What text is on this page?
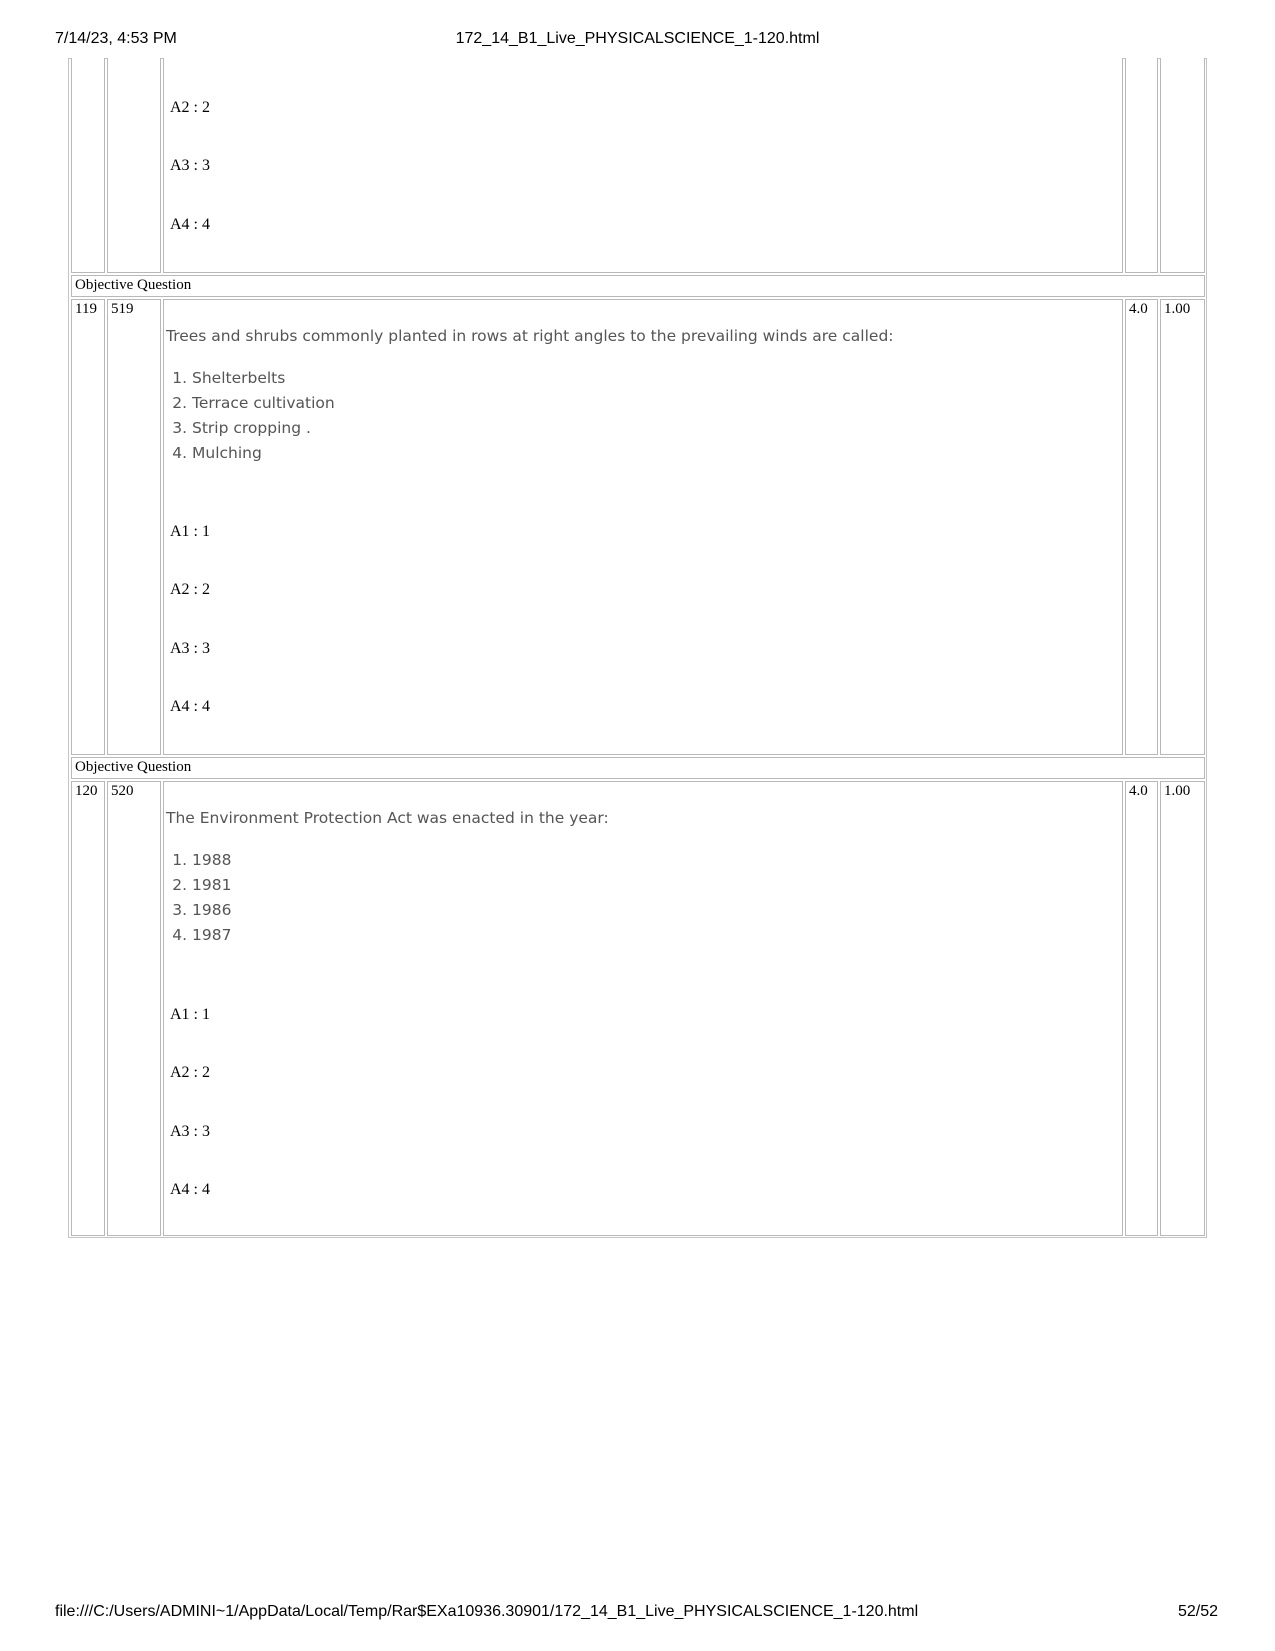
7/14/23, 4:53 PM	172_14_B1_Live_PHYSICALSCIENCE_1-120.html
A2 : 2
A3 : 3
A4 : 4
Objective Question
119 519
Trees and shrubs commonly planted in rows at right angles to the prevailing winds are called:
1. Shelterbelts
2. Terrace cultivation
3. Strip cropping .
4. Mulching
A1 : 1
A2 : 2
A3 : 3
A4 : 4
4.0	1.00
Objective Question
120 520
The Environment Protection Act was enacted in the year:
1. 1988
2. 1981
3. 1986
4. 1987
A1 : 1
A2 : 2
A3 : 3
A4 : 4
4.0	1.00
file:///C:/Users/ADMINI~1/AppData/Local/Temp/Rar$EXa10936.30901/172_14_B1_Live_PHYSICALSCIENCE_1-120.html	52/52
